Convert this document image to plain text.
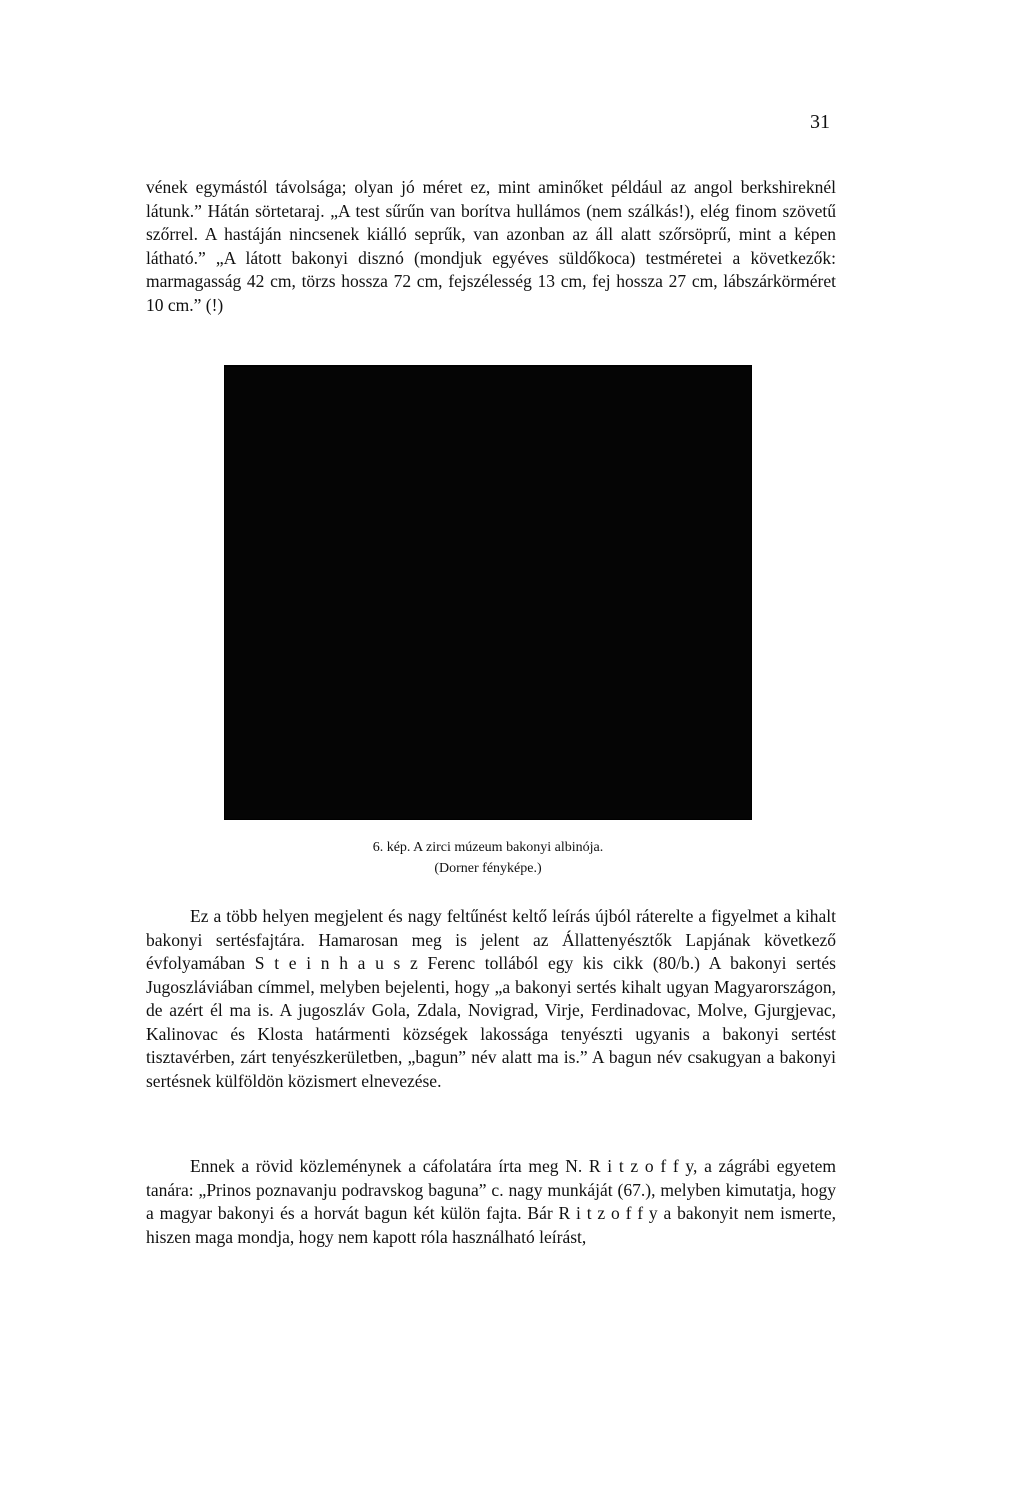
31

vének egymástól távolsága; olyan jó méret ez, mint aminőket például az angol berkshireknél látunk.” Hátán sörtetaraj. „A test sűrűn van borítva hullámos (nem szálkás!), elég finom szövetű szőrrel. A hastáján nincsenek kiálló seprűk, van azonban az áll alatt szőrsöprű, mint a képen látható.” „A látott bakonyi disznó (mondjuk egyéves süldőkoca) testméretei a következők: marmagasság 42 cm, törzs hossza 72 cm, fejszélesség 13 cm, fej hossza 27 cm, lábszárkörméret 10 cm.” (!)

6. kép. A zirci múzeum bakonyi albinója.

(Dorner fényképe.)

Ez a több helyen megjelent és nagy feltűnést keltő leírás újból ráterelte a figyelmet a kihalt bakonyi sertésfajtára. Hamarosan meg is jelent az Állattenyésztők Lapjának következő évfolyamában S t e i n h a u s z Ferenc tollából egy kis cikk (80/b.) A bakonyi sertés Jugoszláviában címmel, melyben bejelenti, hogy „a bakonyi sertés kihalt ugyan Magyarországon, de azért él ma is. A jugoszláv Gola, Zdala, Novigrad, Virje, Ferdinadovac, Molve, Gjurgjevac, Kalinovac és Klosta határmenti községek lakossága tenyészti ugyanis a bakonyi sertést tisztavérben, zárt tenyészkerületben, „bagun” név alatt ma is.” A bagun név csakugyan a bakonyi sertésnek külföldön közismert elnevezése.

Ennek a rövid közleménynek a cáfolatára írta meg N. R i t z o f f y, a zágrábi egyetem tanára: „Prinos poznavanju podravskog baguna” c. nagy munkáját (67.), melyben kimutatja, hogy a magyar bakonyi és a horvát bagun két külön fajta. Bár R i t z o f f y a bakonyit nem ismerte, hiszen maga mondja, hogy nem kapott róla használható leírást,
